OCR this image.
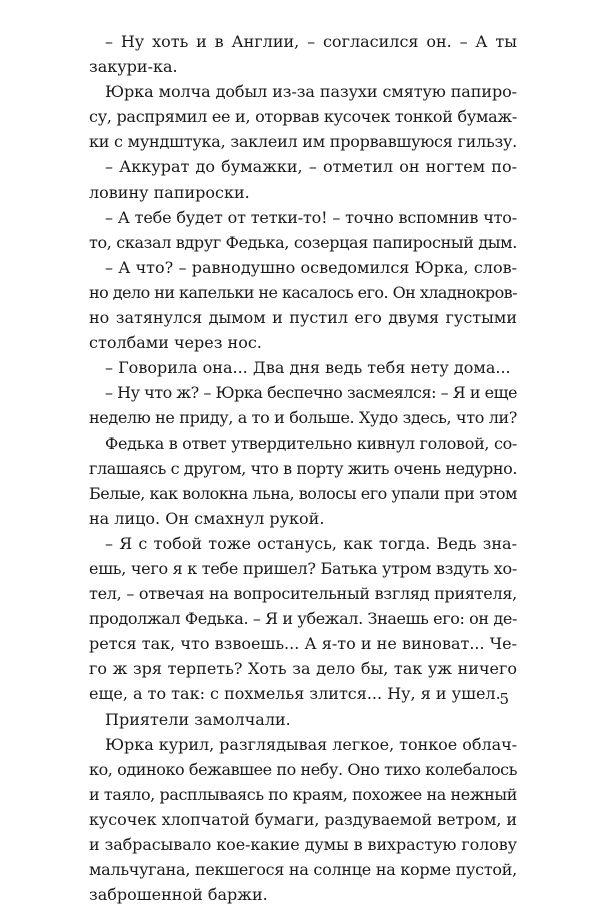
– Ну хоть и в Англии, – согласился он. – А ты
закури-ка.
Юрка молча добыл из-за пазухи смятую папиро-
су, распрямил ее и, оторвав кусочек тонкой бумаж-
ки с мундштука, заклеил им прорвавшуюся гильзу.
– Аккурат до бумажки, – отметил он ногтем по-
ловину папироски.
– А тебе будет от тетки-то! – точно вспомнив что-
то, сказал вдруг Федька, созерцая папиросный дым.
– А что? – равнодушно осведомился Юрка, слов-
но дело ни капельки не касалось его. Он хладнокров-
но затянулся дымом и пустил его двумя густыми
столбами через нос.
– Говорила она... Два дня ведь тебя нету дома...
– Ну что ж? – Юрка беспечно засмеялся: – Я и еще
неделю не приду, а то и больше. Худо здесь, что ли?
Федька в ответ утвердительно кивнул головой, со-
глашаясь с другом, что в порту жить очень недурно.
Белые, как волокна льна, волосы его упали при этом
на лицо. Он смахнул рукой.
– Я с тобой тоже останусь, как тогда. Ведь зна-
ешь, чего я к тебе пришел? Батька утром вздуть хо-
тел, – отвечая на вопросительный взгляд приятеля,
продолжал Федька. – Я и убежал. Знаешь его: он де-
рется так, что взвоешь... А я-то и не виноват... Че-
го ж зря терпеть? Хоть за дело бы, так уж ничего
еще, а то так: с похмелья злится... Ну, я и ушел.
Приятели замолчали.
Юрка курил, разглядывая легкое, тонкое облач-
ко, одиноко бежавшее по небу. Оно тихо колебалось
и таяло, расплываясь по краям, похожее на нежный
кусочек хлопчатой бумаги, раздуваемой ветром, и
и забрасывало кое-какие думы в вихрастую голову
мальчугана, пекшегося на солнце на корме пустой,
заброшенной баржи.
5
